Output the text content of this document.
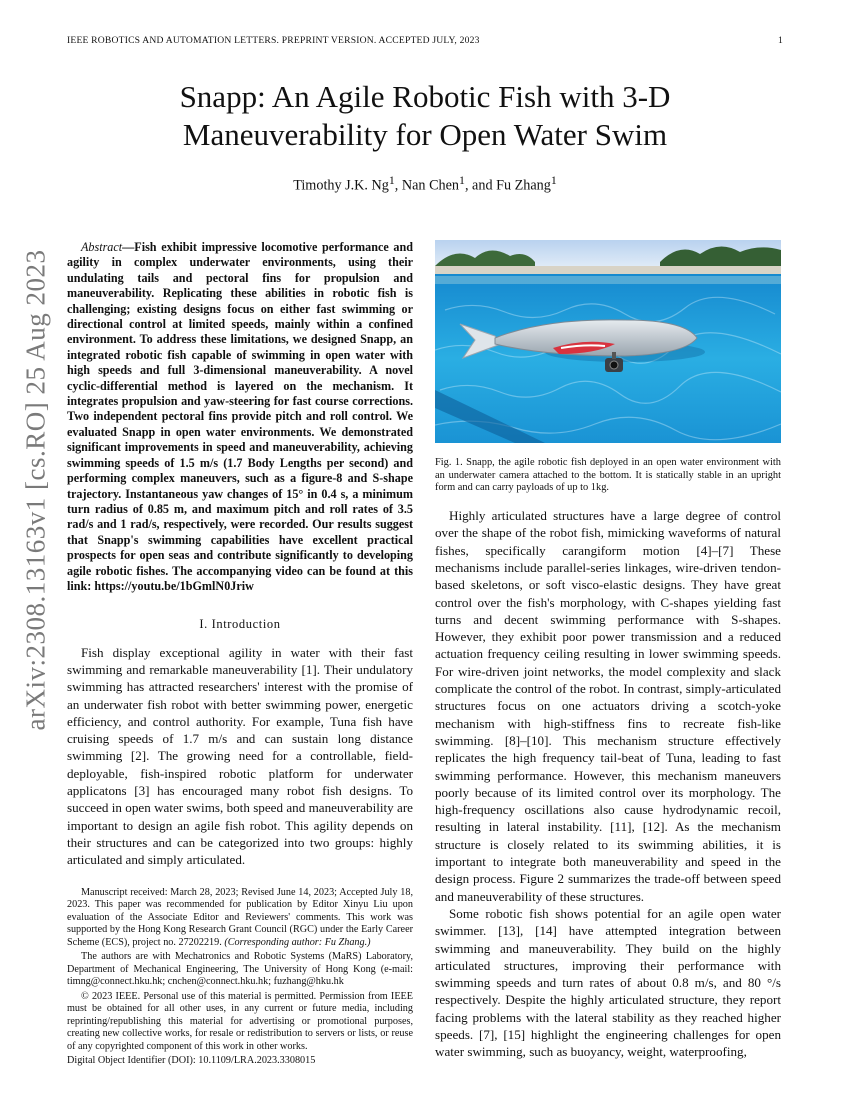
IEEE ROBOTICS AND AUTOMATION LETTERS. PREPRINT VERSION. ACCEPTED JULY, 2023	1
arXiv:2308.13163v1 [cs.RO] 25 Aug 2023
Snapp: An Agile Robotic Fish with 3-D
Maneuverability for Open Water Swim
Timothy J.K. Ng$^1$, Nan Chen$^1$, and Fu Zhang$^1$

Abstract—Fish exhibit impressive locomotive performance and agility in complex underwater environments, using their undulating tails and pectoral fins for propulsion and maneuverability. Replicating these abilities in robotic fish is challenging; existing designs focus on either fast swimming or directional control at limited speeds, mainly within a confined environment. To address these limitations, we designed Snapp, an integrated robotic fish capable of swimming in open water with high speeds and full 3-dimensional maneuverability. A novel cyclic-differential method is layered on the mechanism. It integrates propulsion and yaw-steering for fast course corrections. Two independent pectoral fins provide pitch and roll control. We evaluated Snapp in open water environments. We demonstrated significant improvements in speed and maneuverability, achieving swimming speeds of 1.5 m/s (1.7 Body Lengths per second) and performing complex maneuvers, such as a figure-8 and S-shape trajectory. Instantaneous yaw changes of 15° in 0.4 s, a minimum turn radius of 0.85 m, and maximum pitch and roll rates of 3.5 rad/s and 1 rad/s, respectively, were recorded. Our results suggest that Snapp's swimming capabilities have excellent practical prospects for open seas and contribute significantly to developing agile robotic fishes. The accompanying video can be found at this link: https://youtu.be/1bGmlN0Jriw

I. Introduction

Fish display exceptional agility in water with their fast swimming and remarkable maneuverability [1]. Their undulatory swimming has attracted researchers' interest with the promise of an underwater fish robot with better swimming power, energetic efficiency, and control authority. For example, Tuna fish have cruising speeds of 1.7 m/s and can sustain long distance swimming [2]. The growing need for a controllable, field-deployable, fish-inspired robotic platform for underwater applicatons [3] has encouraged many robot fish designs. To succeed in open water swims, both speed and maneuverability are important to design an agile fish robot. This agility depends on their structures and can be categorized into two groups: highly articulated and simply articulated.

Manuscript received: March 28, 2023; Revised June 14, 2023; Accepted July 18, 2023. This paper was recommended for publication by Editor Xinyu Liu upon evaluation of the Associate Editor and Reviewers' comments. This work was supported by the Hong Kong Research Grant Council (RGC) under the Early Career Scheme (ECS), project no. 27202219. (Corresponding author: Fu Zhang.)

The authors are with Mechatronics and Robotic Systems (MaRS) Laboratory, Department of Mechanical Engineering, The University of Hong Kong (e-mail: timng@connect.hku.hk; cnchen@connect.hku.hk; fuzhang@hku.hk

© 2023 IEEE. Personal use of this material is permitted. Permission from IEEE must be obtained for all other uses, in any current or future media, including reprinting/republishing this material for advertising or promotional purposes, creating new collective works, for resale or redistribution to servers or lists, or reuse of any copyrighted component of this work in other works.

Digital Object Identifier (DOI): 10.1109/LRA.2023.3308015

Fig. 1. Snapp, the agile robotic fish deployed in an open water environment with an underwater camera attached to the bottom. It is statically stable in an upright form and can carry payloads of up to 1kg.

Highly articulated structures have a large degree of control over the shape of the robot fish, mimicking waveforms of natural fishes, specifically carangiform motion [4]–[7] These mechanisms include parallel-series linkages, wire-driven tendon-based skeletons, or soft visco-elastic designs. They have great control over the fish's morphology, with C-shapes yielding fast turns and decent swimming performance with S-shapes. However, they exhibit poor power transmission and a reduced actuation frequency ceiling resulting in lower swimming speeds. For wire-driven joint networks, the model complexity and slack complicate the control of the robot. In contrast, simply-articulated structures focus on one actuators driving a scotch-yoke mechanism with high-stiffness fins to recreate fish-like swimming. [8]–[10]. This mechanism structure effectively replicates the high frequency tail-beat of Tuna, leading to fast swimming performance. However, this mechanism maneuvers poorly because of its limited control over its morphology. The high-frequency oscillations also cause hydrodynamic recoil, resulting in lateral instability. [11], [12]. As the mechanism structure is closely related to its swimming abilities, it is important to integrate both maneuverability and speed in the design process. Figure 2 summarizes the trade-off between speed and maneuverability of these structures.

Some robotic fish shows potential for an agile open water swimmer. [13], [14] have attempted integration between swimming and maneuverability. They build on the highly articulated structures, improving their performance with swimming speeds and turn rates of about 0.8 m/s, and 80 °/s respectively. Despite the highly articulated structure, they report facing problems with the lateral stability as they reached higher speeds. [7], [15] highlight the engineering challenges for open water swimming, such as buoyancy, weight, waterproofing,
